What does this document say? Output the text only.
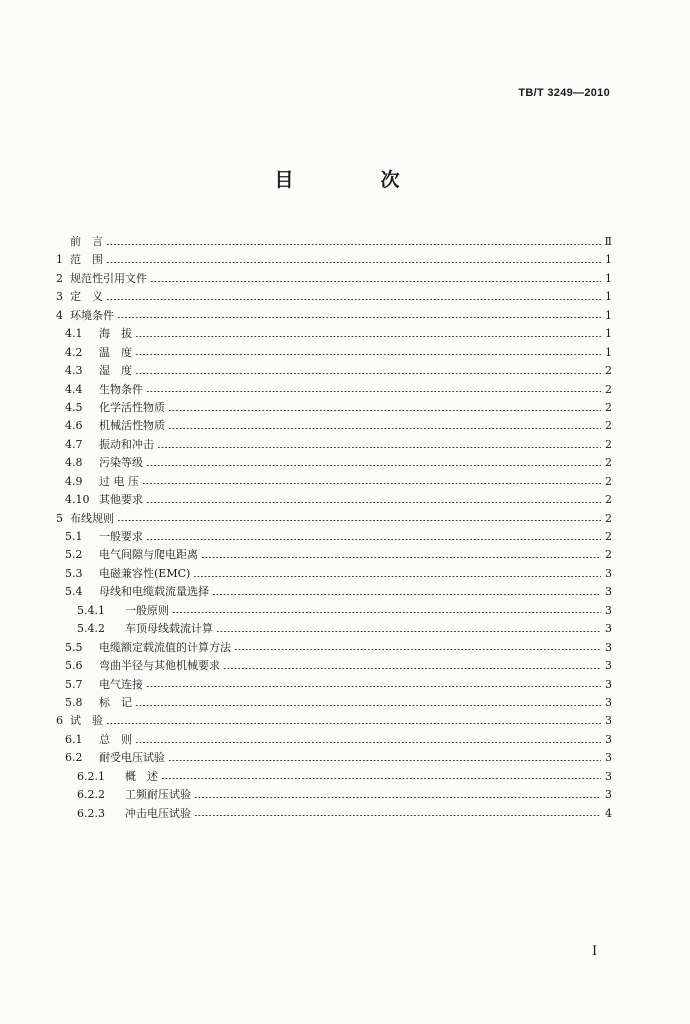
TB/T 3249—2010
目　次
前　言	Ⅱ
1 范　围	1
2 规范性引用文件	1
3 定　义	1
4 环境条件	1
4.1	海　拔	1
4.2	温　度	1
4.3	湿　度	2
4.4	生物条件	2
4.5	化学活性物质	2
4.6	机械活性物质	2
4.7	振动和冲击	2
4.8	污染等级	2
4.9	过 电 压	2
4.10 其他要求	2
5 布线规则	2
5.1	一般要求	2
5.2	电气间隙与爬电距离	2
5.3	电磁兼容性(EMC)	3
5.4	母线和电缆载流量选择	3
5.4.1	一般原则	3
5.4.2	车顶母线载流计算	3
5.5	电缆额定载流值的计算方法	3
5.6	弯曲半径与其他机械要求	3
5.7	电气连接	3
5.8	标　记	3
6 试　验	3
6.1	总　则	3
6.2	耐受电压试验	3
6.2.1	概　述	3
6.2.2	工频耐压试验	3
6.2.3	冲击电压试验	4
I
